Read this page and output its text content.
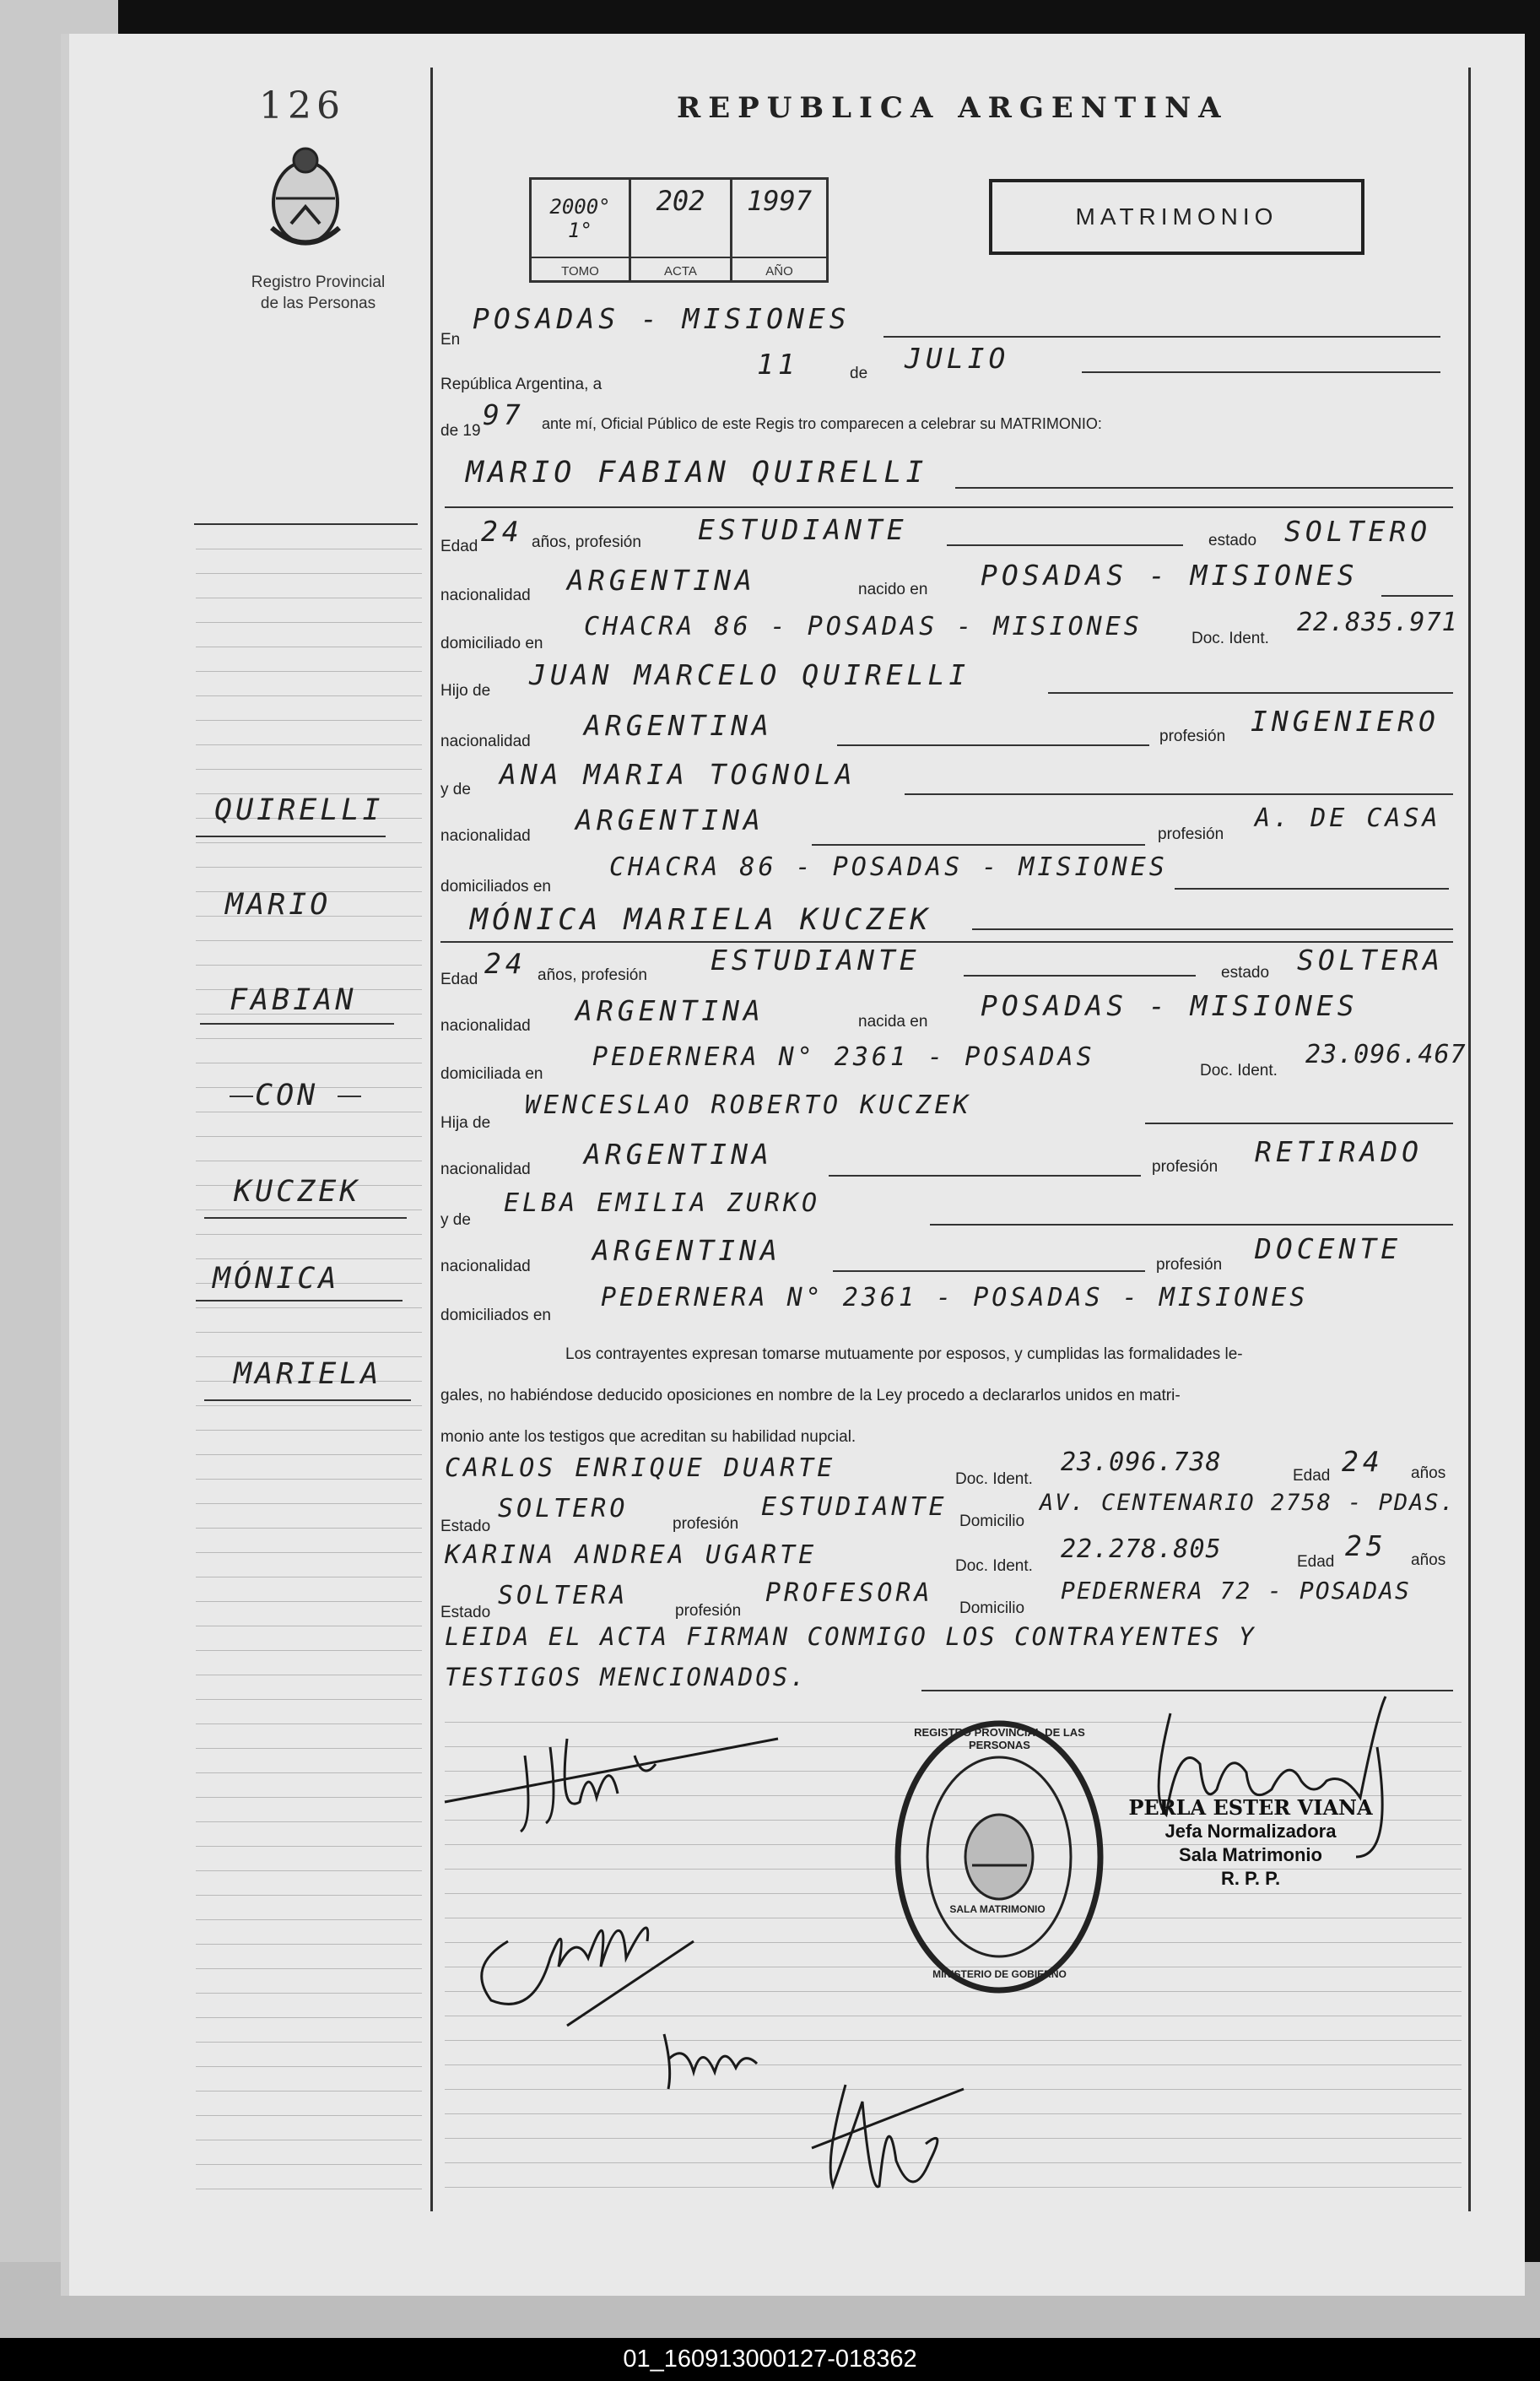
126
Registro Provincial
de las Personas
QUIRELLI
MARIO
FABIAN
CON
KUCZEK
MÓNICA
MARIELA
REPUBLICA ARGENTINA
2000° 1°
TOMO
202
ACTA
1997
AÑO
MATRIMONIO
En
POSADAS - MISIONES
República Argentina, a
11	de JULIO
de 19 97 ante mí, Oficial Público de este Regis tro comparecen a celebrar su MATRIMONIO:
MARIO FABIAN QUIRELLI
Edad 24 años, profesión ESTUDIANTE	estado SOLTERO
nacionalidad ARGENTINA	nacido en POSADAS - MISIONES
domiciliado en
CHACRA 86 - POSADAS - MISIONES	Doc. Ident.
22.835.971
Hijo de JUAN MARCELO QUIRELLI
nacionalidad ARGENTINA	profesión INGENIERO
y de ANA MARIA TOGNOLA
nacionalidad ARGENTINA	profesión
A. DE CASA
domiciliados en
CHACRA 86 - POSADAS - MISIONES
MÓNICA MARIELA KUCZEK
Edad 24 años, profesión ESTUDIANTE	estado SOLTERA
nacionalidad ARGENTINA	nacida en POSADAS - MISIONES
domiciliada en
PEDERNERA N° 2361 - POSADAS	Doc. Ident.
23.096.467
Hija de
WENCESLAO ROBERTO KUCZEK
nacionalidad ARGENTINA	profesión RETIRADO
y de
ELBA EMILIA ZURKO
nacionalidad ARGENTINA	profesión DOCENTE
domiciliados en
PEDERNERA N° 2361 - POSADAS - MISIONES
Los contrayentes expresan tomarse mutuamente por esposos, y cumplidas las formalidades le-
gales, no habiéndose deducido oposiciones en nombre de la Ley procedo a declararlos unidos en matri-
monio ante los testigos que acreditan su habilidad nupcial.
CARLOS ENRIQUE DUARTE	Doc. Ident.
23.096.738	Edad 24 años
Estado
SOLTERO
profesión
ESTUDIANTE Domicilio
AV. CENTENARIO 2758 - PDAS.
KARINA ANDREA UGARTE	Doc. Ident.
22.278.805	Edad 25 años
Estado
SOLTERA
profesión
PROFESORA
Domicilio
PEDERNERA 72 - POSADAS
LEIDA EL ACTA FIRMAN CONMIGO LOS CONTRAYENTES Y
TESTIGOS MENCIONADOS.
REGISTRO PROVINCIAL DE LAS PERSONAS
SALA MATRIMONIO
MINISTERIO DE GOBIERNO
PERLA ESTER VIANA
Jefa Normalizadora
Sala Matrimonio
R. P. P.
01_160913000127-018362
